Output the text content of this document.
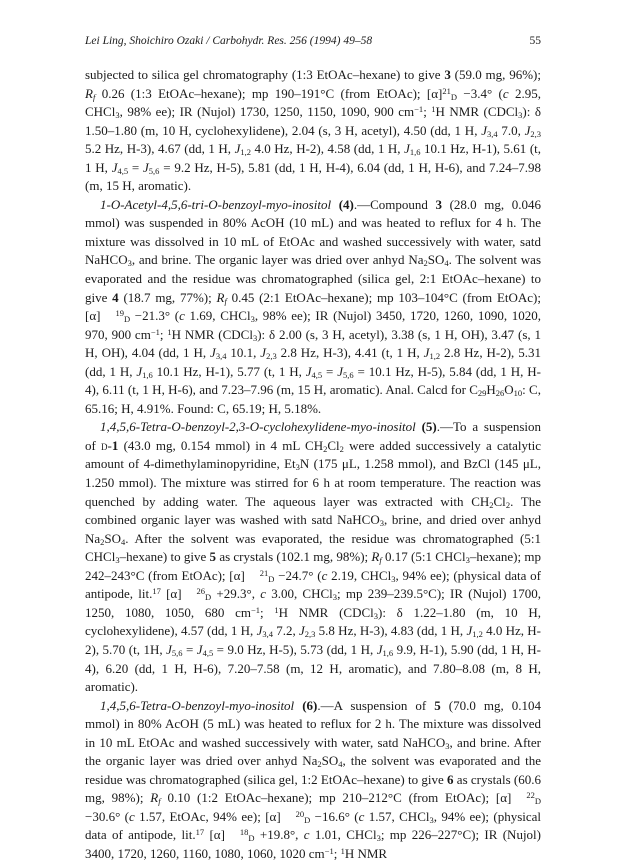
Lei Ling, Shoichiro Ozaki / Carbohydr. Res. 256 (1994) 49–58	55

subjected to silica gel chromatography (1:3 EtOAc–hexane) to give 3 (59.0 mg, 96%); $R_f$ 0.26 (1:3 EtOAc–hexane); mp 190–191°C (from EtOAc); $[\alpha]^{21}_D -3.4^\circ$ (c 2.95, CHCl$_3$, 98% ee); IR (Nujol) 1730, 1250, 1150, 1090, 900 $cm^{-1}$; $^1$H NMR (CDCl$_3$): δ 1.50–1.80 (m, 10 H, cyclohexylidene), 2.04 (s, 3 H, acetyl), 4.50 (dd, 1 H, $J_{3,4}$ 7.0, $J_{2,3}$ 5.2 Hz, H-3), 4.67 (dd, 1 H, $J_{1,2}$ 4.0 Hz, H-2), 4.58 (dd, 1 H, $J_{1,6}$ 10.1 Hz, H-1), 5.61 (t, 1 H, $J_{4,5} = J_{5,6} = 9.2$ Hz, H-5), 5.81 (dd, 1 H, H-4), 6.04 (dd, 1 H, H-6), and 7.24–7.98 (m, 15 H, aromatic).

1-O-Acetyl-4,5,6-tri-O-benzoyl-myo-inositol (4).—Compound 3 (28.0 mg, 0.046 mmol) was suspended in 80% AcOH (10 mL) and was heated to reflux for 4 h. The mixture was dissolved in 10 mL of EtOAc and washed successively with water, satd NaHCO$_3$, and brine. The organic layer was dried over anhyd $Na_2SO_4$. The solvent was evaporated and the residue was chromatographed (silica gel, 2:1 EtOAc–hexane) to give 4 (18.7 mg, 77%); $R_f$ 0.45 (2:1 EtOAc–hexane); mp 103–104°C (from EtOAc); [α] $^{19}_D$ −21.3° (c 1.69, CHCl$_3$, 98% ee); IR (Nujol) 3450, 1720, 1260, 1090, 1020, 970, 900 $cm^{-1}$; $^1$H NMR (CDCl$_3$): δ 2.00 (s, 3 H, acetyl), 3.38 (s, 1 H, OH), 3.47 (s, 1 H, OH), 4.04 (dd, 1 H, $J_{3,4}$ 10.1, $J_{2,3}$ 2.8 Hz, H-3), 4.41 (t, 1 H, $J_{1,2}$ 2.8 Hz, H-2), 5.31 (dd, 1 H, $J_{1,6}$ 10.1 Hz, H-1), 5.77 (t, 1 H, $J_{4,5} = J_{5,6} = 10.1$ Hz, H-5), 5.84 (dd, 1 H, H-4), 6.11 (t, 1 H, H-6), and 7.23–7.96 (m, 15 H, aromatic). Anal. Calcd for $C_{29}H_{26}O_{10}$: C, 65.16; H, 4.91%. Found: C, 65.19; H, 5.18%.

1,4,5,6-Tetra-O-benzoyl-2,3-O-cyclohexylidene-myo-inositol (5).—To a suspension of d-1 (43.0 mg, 0.154 mmol) in 4 mL $CH_2Cl_2$ were added successively a catalytic amount of 4-dimethylaminopyridine, $Et_3N$ (175 μL, 1.258 mmol), and BzCl (145 μL, 1.250 mmol). The mixture was stirred for 6 h at room temperature. The reaction was quenched by adding water. The aqueous layer was extracted with $CH_2Cl_2$. The combined organic layer was washed with satd NaHCO$_3$, brine, and dried over anhyd $Na_2SO_4$. After the solvent was evaporated, the residue was chromatographed (5:1 CHCl$_3$–hexane) to give 5 as crystals (102.1 mg, 98%); $R_f$ 0.17 (5:1 CHCl$_3$–hexane); mp 242–243°C (from EtOAc); [α] $^{21}_D$ −24.7° (c 2.19, CHCl$_3$, 94% ee); (physical data of antipode, lit.$^{17}$ [α] $^{26}_D$ +29.3°, c 3.00, CHCl$_3$; mp 239–239.5°C); IR (Nujol) 1700, 1250, 1080, 1050, 680 $cm^{-1}$; $^1$H NMR (CDCl$_3$): δ 1.22–1.80 (m, 10 H, cyclohexylidene), 4.57 (dd, 1 H, $J_{3,4}$ 7.2, $J_{2,3}$ 5.8 Hz, H-3), 4.83 (dd, 1 H, $J_{1,2}$ 4.0 Hz, H-2), 5.70 (t, 1H, $J_{5,6} = J_{4,5} = 9.0$ Hz, H-5), 5.73 (dd, 1 H, $J_{1,6}$ 9.9, H-1), 5.90 (dd, 1 H, H-4), 6.20 (dd, 1 H, H-6), 7.20–7.58 (m, 12 H, aromatic), and 7.80–8.08 (m, 8 H, aromatic).

1,4,5,6-Tetra-O-benzoyl-myo-inositol (6).—A suspension of 5 (70.0 mg, 0.104 mmol) in 80% AcOH (5 mL) was heated to reflux for 2 h. The mixture was dissolved in 10 mL EtOAc and washed successively with water, satd NaHCO$_3$, and brine. After the organic layer was dried over anhyd $Na_2SO_4$, the solvent was evaporated and the residue was chromatographed (silica gel, 1:2 EtOAc–hexane) to give 6 as crystals (60.6 mg, 98%); $R_f$ 0.10 (1:2 EtOAc–hexane); mp 210–212°C (from EtOAc); [α] $^{22}_D$ −30.6° (c 1.57, EtOAc, 94% ee); [α] $^{20}_D$ −16.6° (c 1.57, CHCl$_3$, 94% ee); (physical data of antipode, lit.$^{17}$ [α] $^{18}_D$ +19.8°, c 1.01, CHCl$_3$; mp 226–227°C); IR (Nujol) 3400, 1720, 1260, 1160, 1080, 1060, 1020 $cm^{-1}$; $^1$H NMR
